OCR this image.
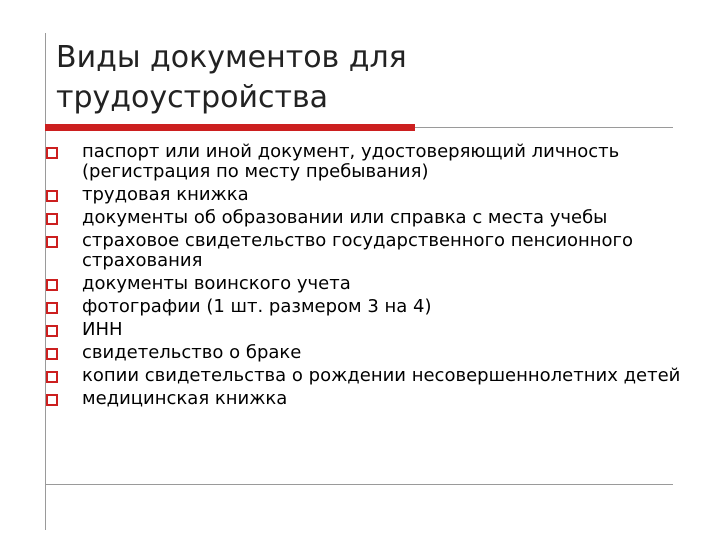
Виды документов для трудоустройства
паспорт или иной документ, удостоверяющий личность (регистрация по месту пребывания)
трудовая книжка
документы об образовании или справка с места учебы
страховое свидетельство государственного пенсионного страхования
документы воинского учета
фотографии (1 шт. размером 3 на 4)
ИНН
свидетельство о браке
копии свидетельства о рождении несовершеннолетних детей
медицинская книжка
